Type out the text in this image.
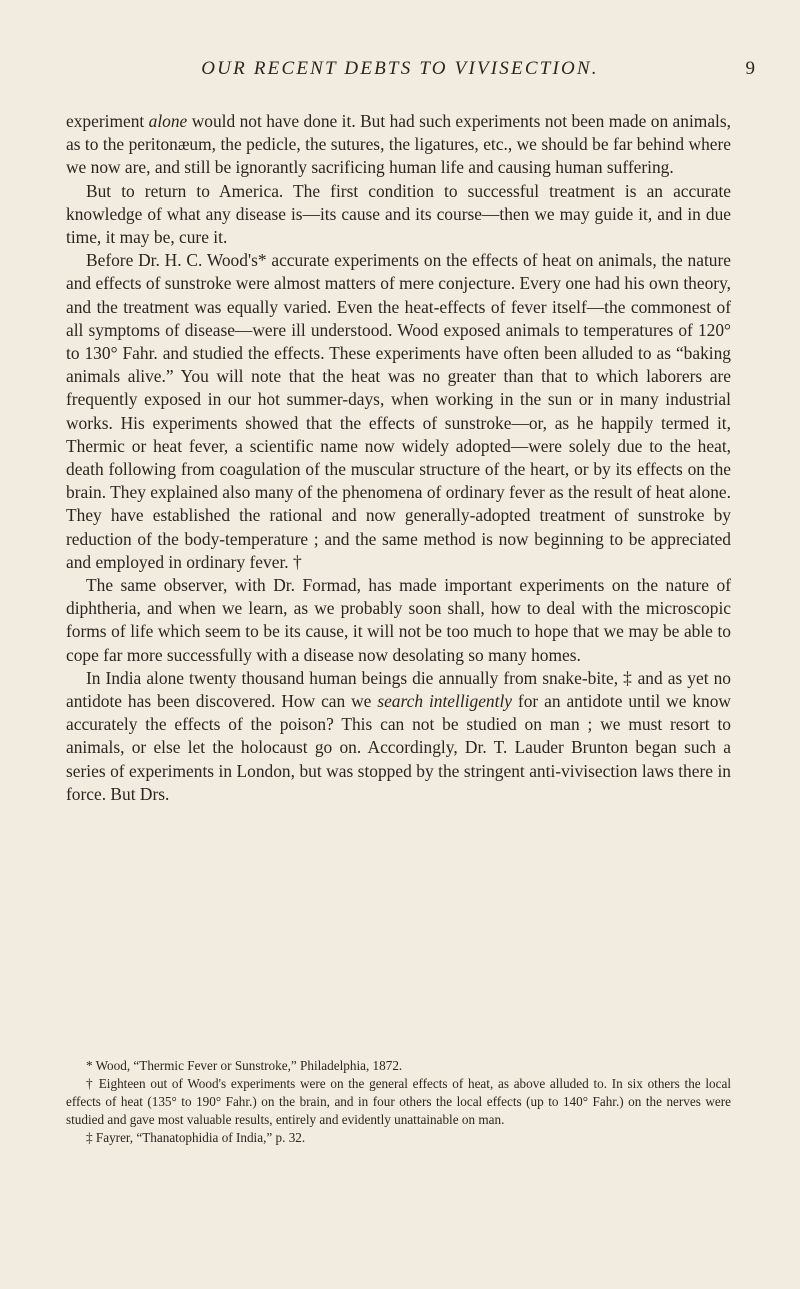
OUR RECENT DEBTS TO VIVISECTION.	9

experiment alone would not have done it. But had such experiments not been made on animals, as to the peritonæum, the pedicle, the sutures, the ligatures, etc., we should be far behind where we now are, and still be ignorantly sacrificing human life and causing human suffering.

But to return to America. The first condition to successful treatment is an accurate knowledge of what any disease is—its cause and its course—then we may guide it, and in due time, it may be, cure it.

Before Dr. H. C. Wood's* accurate experiments on the effects of heat on animals, the nature and effects of sunstroke were almost matters of mere conjecture. Every one had his own theory, and the treatment was equally varied. Even the heat-effects of fever itself—the commonest of all symptoms of disease—were ill understood. Wood exposed animals to temperatures of 120° to 130° Fahr. and studied the effects. These experiments have often been alluded to as “baking animals alive.” You will note that the heat was no greater than that to which laborers are frequently exposed in our hot summer-days, when working in the sun or in many industrial works. His experiments showed that the effects of sunstroke—or, as he happily termed it, Thermic or heat fever, a scientific name now widely adopted—were solely due to the heat, death following from coagulation of the muscular structure of the heart, or by its effects on the brain. They explained also many of the phenomena of ordinary fever as the result of heat alone. They have established the rational and now generally-adopted treatment of sunstroke by reduction of the body-temperature ; and the same method is now beginning to be appreciated and employed in ordinary fever. †

The same observer, with Dr. Formad, has made important experiments on the nature of diphtheria, and when we learn, as we probably soon shall, how to deal with the microscopic forms of life which seem to be its cause, it will not be too much to hope that we may be able to cope far more successfully with a disease now desolating so many homes.

In India alone twenty thousand human beings die annually from snake-bite, ‡ and as yet no antidote has been discovered. How can we search intelligently for an antidote until we know accurately the effects of the poison? This can not be studied on man ; we must resort to animals, or else let the holocaust go on. Accordingly, Dr. T. Lauder Brunton began such a series of experiments in London, but was stopped by the stringent anti-vivisection laws there in force. But Drs.

* Wood, “Thermic Fever or Sunstroke,” Philadelphia, 1872.

† Eighteen out of Wood's experiments were on the general effects of heat, as above alluded to. In six others the local effects of heat (135° to 190° Fahr.) on the brain, and in four others the local effects (up to 140° Fahr.) on the nerves were studied and gave most valuable results, entirely and evidently unattainable on man.

‡ Fayrer, “Thanatophidia of India,” p. 32.
